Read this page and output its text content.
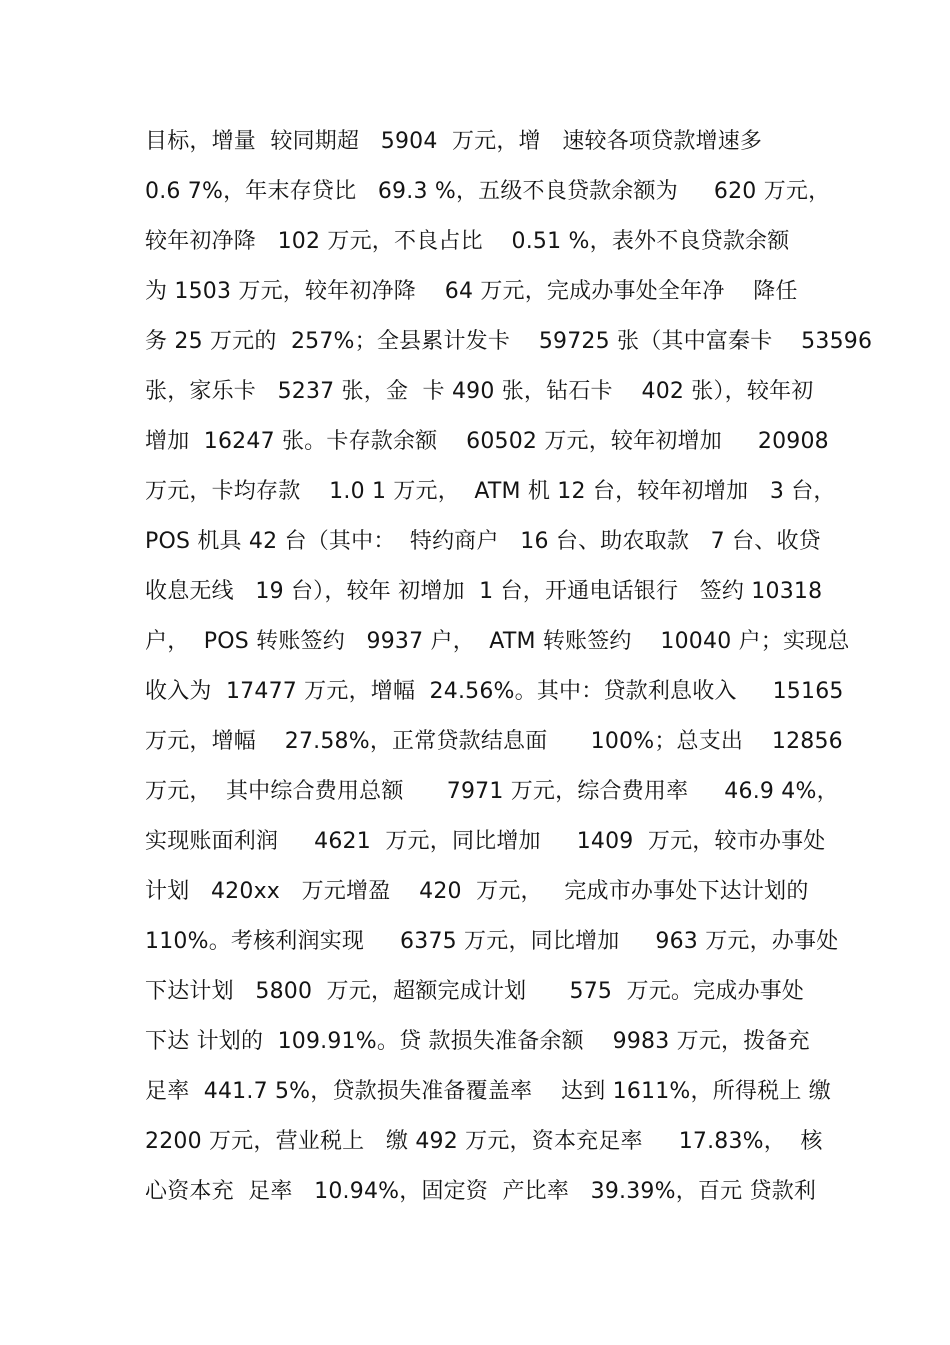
目标，增量  较同期超   5904  万元，增   速较各项贷款增速多
0.6 7%，年末存贷比   69.3 %，五级不良贷款余额为     620 万元，
较年初净降   102 万元，不良占比    0.51 %，表外不良贷款余额
为 1503 万元，较年初净降    64 万元，完成办事处全年净    降任
务 25 万元的  257%；全县累计发卡    59725 张（其中富秦卡    53596
张，家乐卡   5237 张，金  卡 490 张，钻石卡    402 张），较年初
增加  16247 张。卡存款余额    60502 万元，较年初增加     20908
万元，卡均存款    1.0 1 万元，  ATM 机 12 台，较年初增加   3 台，
POS 机具 42 台（其中：  特约商户   16 台、助农取款   7 台、收贷
收息无线   19 台），较年 初增加  1 台，开通电话银行   签约 10318
户，  POS 转账签约   9937 户，  ATM 转账签约    10040 户；实现总
收入为  17477 万元，增幅  24.56%。其中：贷款利息收入     15165
万元，增幅    27.58%，正常贷款结息面      100%；总支出    12856
万元，  其中综合费用总额      7971 万元，综合费用率     46.9 4%，
实现账面利润     4621  万元，同比增加     1409  万元，较市办事处
计划   420xx   万元增盈    420  万元，   完成市办事处下达计划的
110%。考核利润实现     6375 万元，同比增加     963 万元，办事处
下达计划   5800  万元，超额完成计划      575  万元。完成办事处
下达 计划的  109.91%。贷 款损失准备余额    9983 万元，拨备充
足率  441.7 5%，贷款损失准备覆盖率    达到 1611%，所得税上 缴
2200 万元，营业税上   缴 492 万元，资本充足率     17.83%，  核
心资本充  足率   10.94%，固定资  产比率   39.39%，百元 贷款利
